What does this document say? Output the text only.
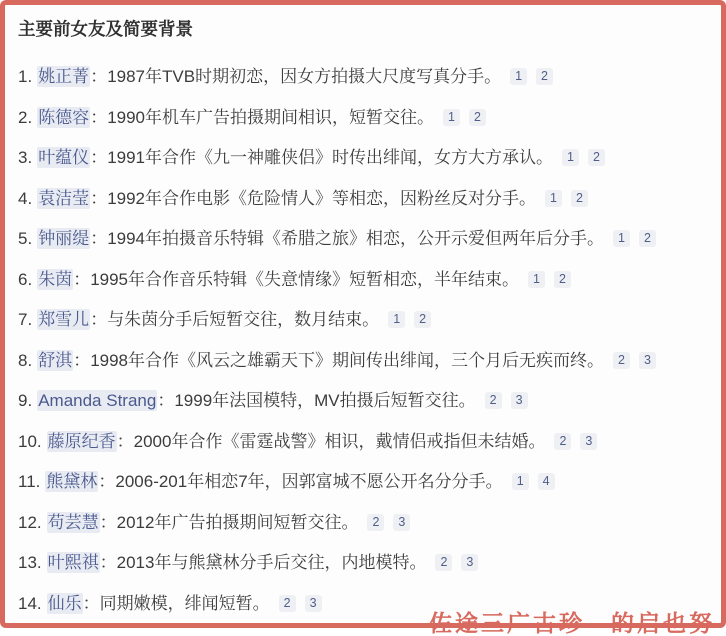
主要前女友及简要背景
1. 姚正菁：1987年TVB时期初恋，因女方拍摄大尺度写真分手。 1 2
2. 陈德容：1990年机车广告拍摄期间相识，短暂交往。 1 2
3. 叶蕴仪：1991年合作《九一神雕侠侣》时传出绯闻，女方大方承认。 1 2
4. 袁洁莹：1992年合作电影《危险情人》等相恋，因粉丝反对分手。 1 2
5. 钟丽缇：1994年拍摄音乐特辑《希腊之旅》相恋，公开示爱但两年后分手。 1 2
6. 朱茵：1995年合作音乐特辑《失意情缘》短暂相恋，半年结束。 1 2
7. 郑雪儿：与朱茵分手后短暂交往，数月结束。 1 2
8. 舒淇：1998年合作《风云之雄霸天下》期间传出绯闻，三个月后无疾而终。 2 3
9. Amanda Strang：1999年法国模特，MV拍摄后短暂交往。 2 3
10. 藤原纪香：2000年合作《雷霆战警》相识，戴情侣戒指但未结婚。 2 3
11. 熊黛林：2006-201年相恋7年，因郭富城不愿公开名分分手。 1 4
12. 苟芸慧：2012年广告拍摄期间短暂交往。 2 3
13. 叶熙祺：2013年与熊黛林分手后交往，内地模特。 2 3
14. 仙乐：同期嫩模，绯闻短暂。 2 3
佐途三广古珍—的启也努
